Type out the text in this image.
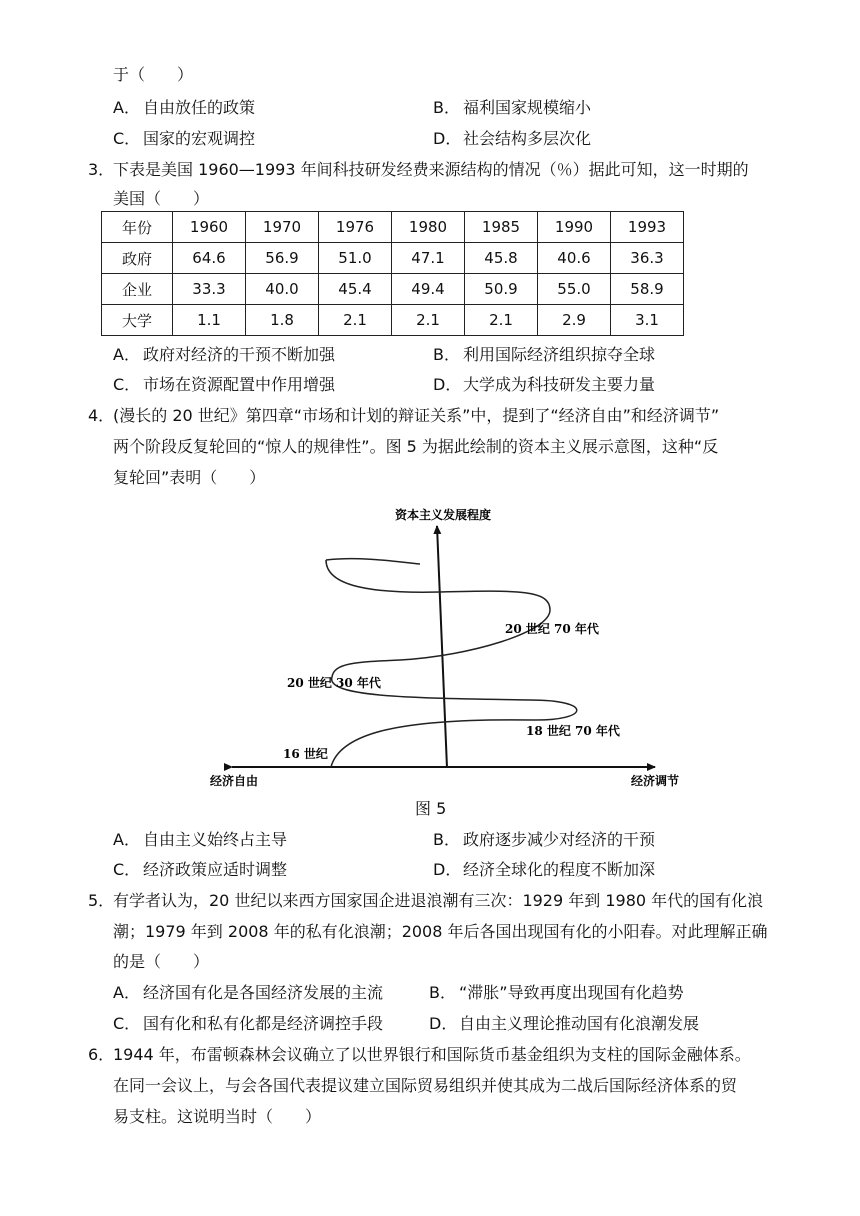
于（　　）
A． 自由放任的政策	B． 福利国家规模缩小
C． 国家的宏观调控	D． 社会结构多层次化
3．
下表是美国 1960—1993 年间科技研发经费来源结构的情况（％）据此可知，这一时期的
美国（　　）
年份	1960	1970	1976	1980	1985	1990	1993
政府	64.6	56.9	51.0	47.1	45.8	40.6	36.3
企业	33.3	40.0	45.4	49.4	50.9	55.0	58.9
大学	1.1	1.8	2.1	2.1	2.1	2.9	3.1
A． 政府对经济的干预不断加强	B． 利用国际经济组织掠夺全球
C． 市场在资源配置中作用增强	D． 大学成为科技研发主要力量
4．
(漫长的 20 世纪》第四章“市场和计划的辩证关系”中，提到了“经济自由”和经济调节”
两个阶段反复轮回的“惊人的规律性”。图 5 为据此绘制的资本主义展示意图，这种“反
复轮回”表明（　　）
资本主义发展程度
经济自由	经济调节
16 世纪
18 世纪 70 年代
20 世纪 30 年代
20 世纪 70 年代
图 5
A． 自由主义始终占主导	B． 政府逐步减少对经济的干预
C． 经济政策应适时调整	D． 经济全球化的程度不断加深
5．
有学者认为，20 世纪以来西方国家国企进退浪潮有三次：1929 年到 1980 年代的国有化浪
潮；1979 年到 2008 年的私有化浪潮；2008 年后各国出现国有化的小阳春。对此理解正确
的是（　　）
A． 经济国有化是各国经济发展的主流	B． “滞胀”导致再度出现国有化趋势
C． 国有化和私有化都是经济调控手段	D． 自由主义理论推动国有化浪潮发展
6．
1944 年，布雷顿森林会议确立了以世界银行和国际货币基金组织为支柱的国际金融体系。
在同一会议上，与会各国代表提议建立国际贸易组织并使其成为二战后国际经济体系的贸
易支柱。这说明当时（　　）
